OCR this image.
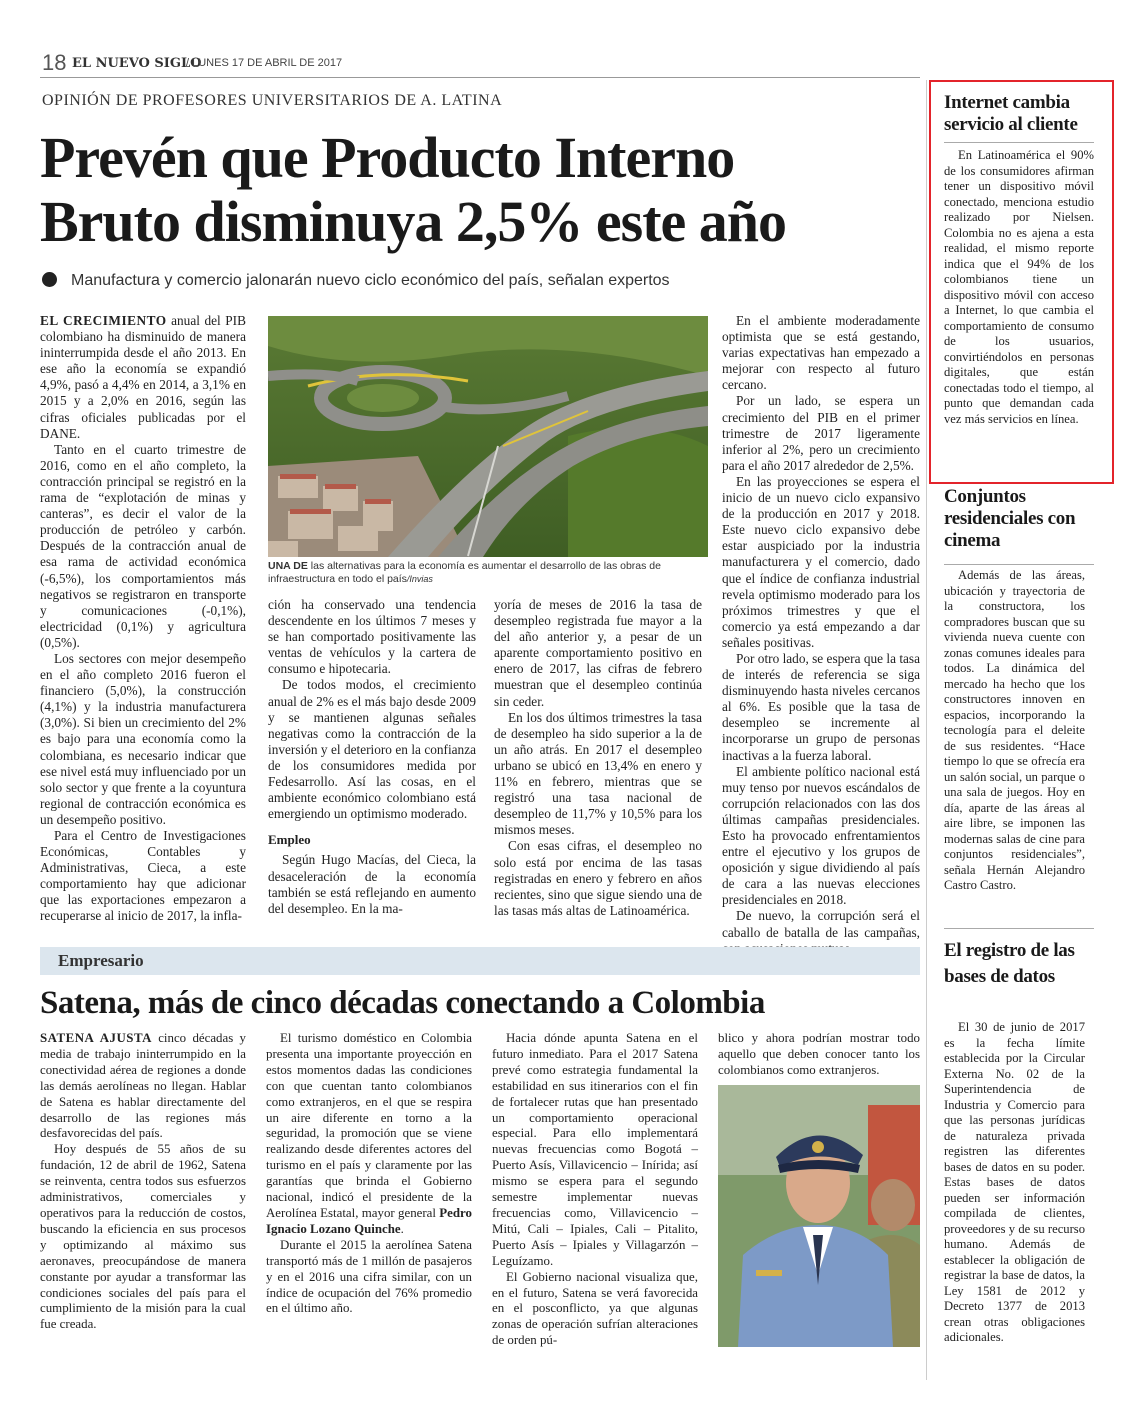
18 EL NUEVO SIGLO
/ LUNES 17 DE ABRIL DE 2017
OPINIÓN DE PROFESORES UNIVERSITARIOS DE A. LATINA
Prevén que Producto Interno
Bruto disminuya 2,5% este año
Manufactura y comercio jalonarán nuevo ciclo económico del país, señalan expertos

EL CRECIMIENTO anual del PIB colombiano ha disminuido de manera ininterrumpida desde el año 2013. En ese año la economía se expandió 4,9%, pasó a 4,4% en 2014, a 3,1% en 2015 y a 2,0% en 2016, según las cifras oficiales publicadas por el DANE.

Tanto en el cuarto trimestre de 2016, como en el año completo, la contracción principal se registró en la rama de “explotación de minas y canteras”, es decir el valor de la producción de petróleo y carbón. Después de la contracción anual de esa rama de actividad económica (-6,5%), los comportamientos más negativos se registraron en transporte y comunicaciones (-0,1%), electricidad (0,1%) y agricultura (0,5%).

Los sectores con mejor desempeño en el año completo 2016 fueron el financiero (5,0%), la construcción (4,1%) y la industria manufacturera (3,0%). Si bien un crecimiento del 2% es bajo para una economía como la colombiana, es necesario indicar que ese nivel está muy influenciado por un solo sector y que frente a la coyuntura regional de contracción económica es un desempeño positivo.

Para el Centro de Investigaciones Económicas, Contables y Administrativas, Cieca, a este comportamiento hay que adicionar que las exportaciones empezaron a recuperarse al inicio de 2017, la infla-

UNA DE las alternativas para la economía es aumentar el desarrollo de las obras de infraestructura en todo el país/Invias

ción ha conservado una tendencia descendente en los últimos 7 meses y se han comportado positivamente las ventas de vehículos y la cartera de consumo e hipotecaria.

De todos modos, el crecimiento anual de 2% es el más bajo desde 2009 y se mantienen algunas señales negativas como la contracción de la inversión y el deterioro en la confianza de los consumidores medida por Fedesarrollo. Así las cosas, en el ambiente económico colombiano está emergiendo un optimismo moderado.

Empleo

Según Hugo Macías, del Cieca, la desaceleración de la economía también se está reflejando en aumento del desempleo. En la ma-

yoría de meses de 2016 la tasa de desempleo registrada fue mayor a la del año anterior y, a pesar de un aparente comportamiento positivo en enero de 2017, las cifras de febrero muestran que el desempleo continúa sin ceder.

En los dos últimos trimestres la tasa de desempleo ha sido superior a la de un año atrás. En 2017 el desempleo urbano se ubicó en 13,4% en enero y 11% en febrero, mientras que se registró una tasa nacional de desempleo de 11,7% y 10,5% para los mismos meses.

Con esas cifras, el desempleo no solo está por encima de las tasas registradas en enero y febrero en años recientes, sino que sigue siendo una de las tasas más altas de Latinoamérica.

En el ambiente moderadamente optimista que se está gestando, varias expectativas han empezado a mejorar con respecto al futuro cercano.

Por un lado, se espera un crecimiento del PIB en el primer trimestre de 2017 ligeramente inferior al 2%, pero un crecimiento para el año 2017 alrededor de 2,5%.

En las proyecciones se espera el inicio de un nuevo ciclo expansivo de la producción en 2017 y 2018. Este nuevo ciclo expansivo debe estar auspiciado por la industria manufacturera y el comercio, dado que el índice de confianza industrial revela optimismo moderado para los próximos trimestres y que el comercio ya está empezando a dar señales positivas.

Por otro lado, se espera que la tasa de interés de referencia se siga disminuyendo hasta niveles cercanos al 6%. Es posible que la tasa de desempleo se incremente al incorporarse un grupo de personas inactivas a la fuerza laboral.

El ambiente político nacional está muy tenso por nuevos escándalos de corrupción relacionados con las dos últimas campañas presidenciales. Esto ha provocado enfrentamientos entre el ejecutivo y los grupos de oposición y sigue dividiendo al país de cara a las nuevas elecciones presidenciales en 2018.

De nuevo, la corrupción será el caballo de batalla de las campañas,

Empresario
Satena, más de cinco décadas conectando a Colombia

SATENA AJUSTA cinco décadas y media de trabajo ininterrumpido en la conectividad aérea de regiones a donde las demás aerolíneas no llegan. Hablar de Satena es hablar directamente del desarrollo de las regiones más desfavorecidas del país.

Hoy después de 55 años de su fundación, 12 de abril de 1962, Satena se reinventa, centra todos sus esfuerzos administrativos, comerciales y operativos para la reducción de costos, buscando la eficiencia en sus procesos y optimizando al máximo sus aeronaves, preocupándose de manera constante por ayudar a transformar las condiciones sociales del país para el cumplimiento de la misión para la cual fue creada.

El turismo doméstico en Colombia presenta una importante proyección en estos momentos dadas las condiciones con que cuentan tanto colombianos como extranjeros, en el que se respira un aire diferente en torno a la seguridad, la promoción que se viene realizando desde diferentes actores del turismo en el país y claramente por las garantías que brinda el Gobierno nacional, indicó el presidente de la Aerolínea Estatal, mayor general Pedro Ignacio Lozano Quinche.

Durante el 2015 la aerolínea Satena transportó más de 1 millón de pasajeros y en el 2016 una cifra similar, con un índice de ocupación del 76% promedio en el último año.

Hacia dónde apunta Satena en el futuro inmediato. Para el 2017 Satena prevé como estrategia fundamental la estabilidad en sus itinerarios con el fin de fortalecer rutas que han presentado un comportamiento operacional especial. Para ello implementará nuevas frecuencias como Bogotá – Puerto Asís, Villavicencio – Inírida; así mismo se espera para el segundo semestre implementar nuevas frecuencias como, Villavicencio – Mitú, Cali – Ipiales, Cali – Pitalito, Puerto Asís – Ipiales y Villagarzón – Leguízamo.

El Gobierno nacional visualiza que, en el futuro, Satena se verá favorecida en el posconflicto, ya que algunas zonas de operación sufrían alteraciones de orden pú-

blico y ahora podrían mostrar todo aquello que deben conocer tanto los colombianos como extranjeros.

Internet cambia servicio al cliente

En Latinoamérica el 90% de los consumidores afirman tener un dispositivo móvil conectado, menciona estudio realizado por Nielsen. Colombia no es ajena a esta realidad, el mismo reporte indica que el 94% de los colombianos tiene un dispositivo móvil con acceso a Internet, lo que cambia el comportamiento de consumo de los usuarios, convirtiéndolos en personas digitales, que están conectadas todo el tiempo, al punto que demandan cada vez más servicios en línea.

Conjuntos residenciales con cinema

Además de las áreas, ubicación y trayectoria de la constructora, los compradores buscan que su vivienda nueva cuente con zonas comunes ideales para todos. La dinámica del mercado ha hecho que los constructores innoven en espacios, incorporando la tecnología para el deleite de sus residentes. “Hace tiempo lo que se ofrecía era un salón social, un parque o una sala de juegos. Hoy en día, aparte de las áreas al aire libre, se imponen las modernas salas de cine para conjuntos residenciales”, señala Hernán Alejandro Castro Castro.

El registro de las bases de datos

El 30 de junio de 2017 es la fecha límite establecida por la Circular Externa No. 02 de la Superintendencia de Industria y Comercio para que las personas jurídicas de naturaleza privada registren las diferentes bases de datos en su poder. Estas bases de datos pueden ser información compilada de clientes, proveedores y de su recurso humano. Además de establecer la obligación de registrar la base de datos, la Ley 1581 de 2012 y Decreto 1377 de 2013 crean otras obligaciones adicionales.
